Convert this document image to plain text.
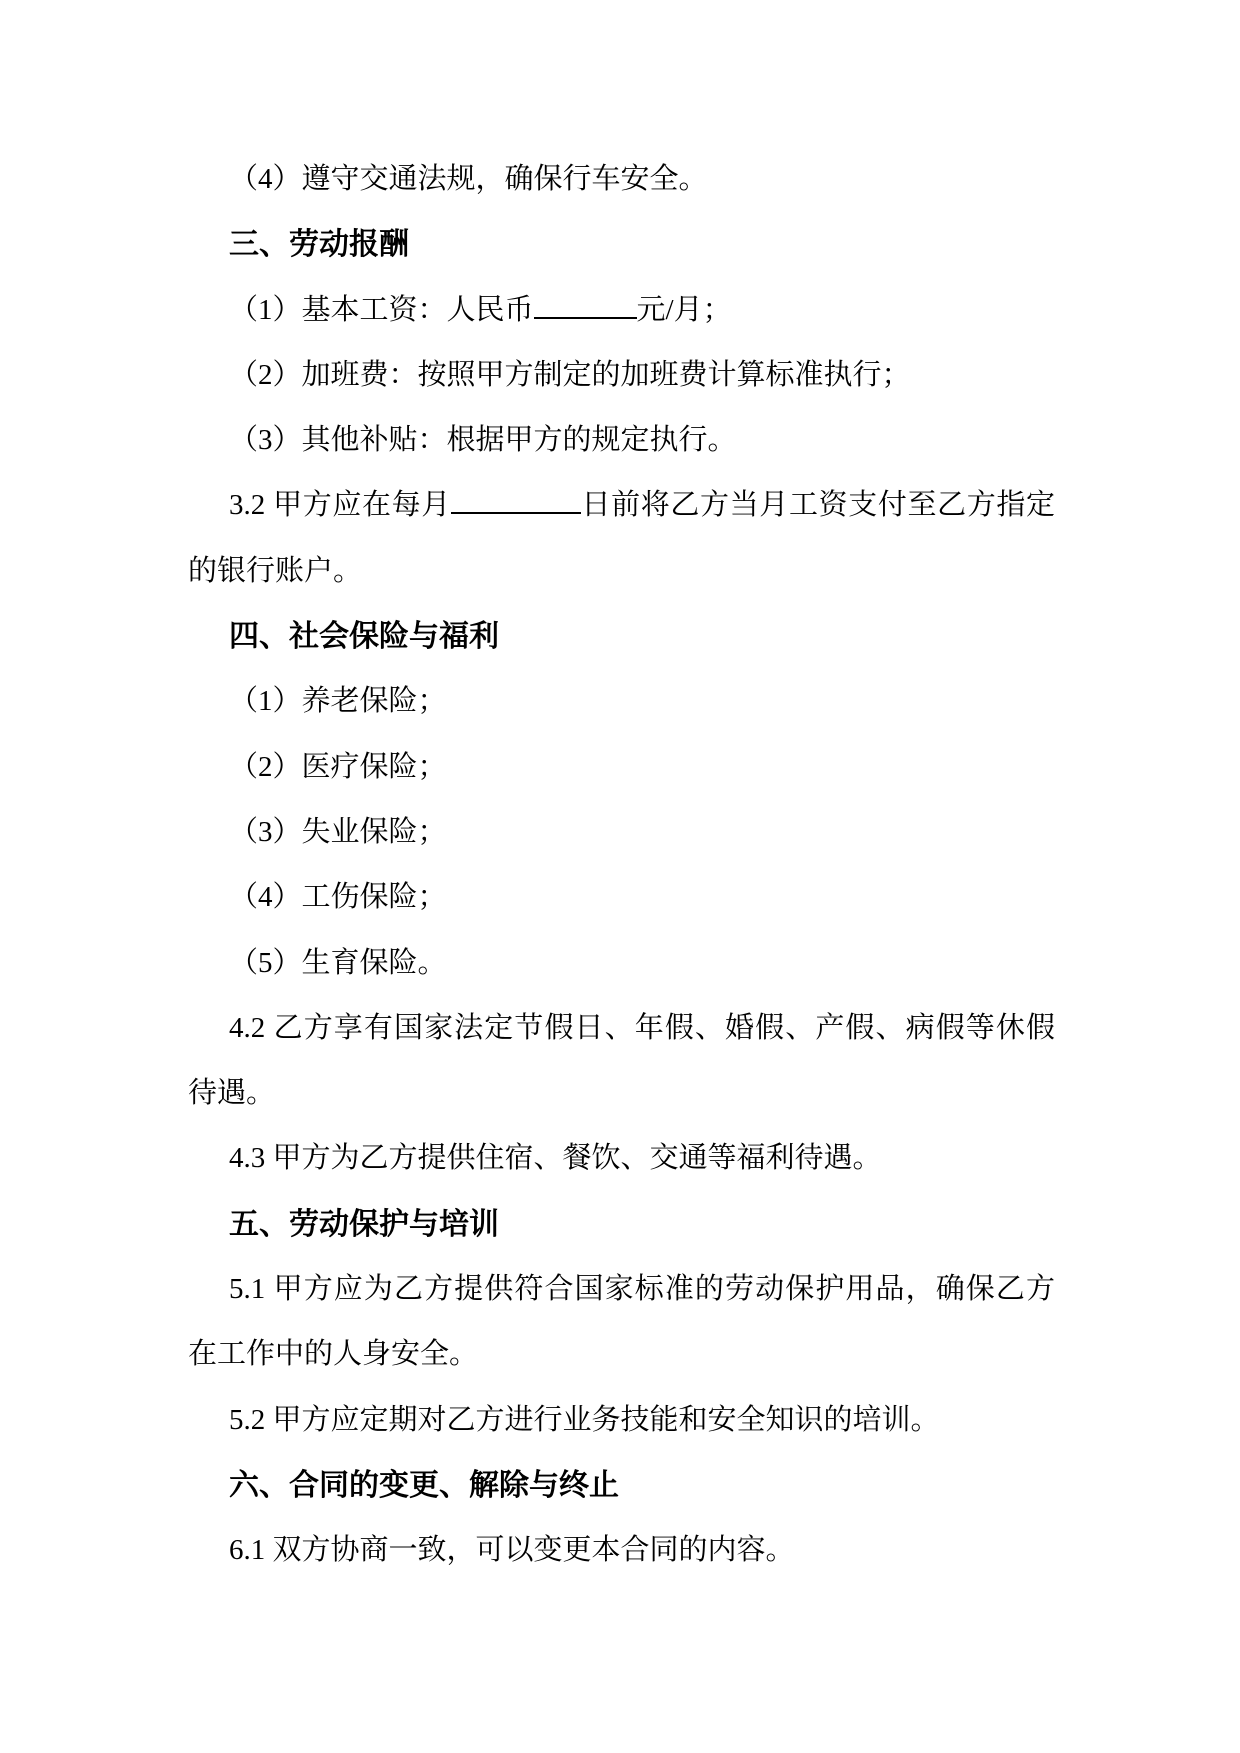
（4）遵守交通法规，确保行车安全。
三、劳动报酬
（1）基本工资：人民币	元/月；
（2）加班费：按照甲方制定的加班费计算标准执行；
（3）其他补贴：根据甲方的规定执行。
3.2 甲方应在每月	日前将乙方当月工资支付至乙方指定
的银行账户。
四、社会保险与福利
（1）养老保险；
（2）医疗保险；
（3）失业保险；
（4）工伤保险；
（5）生育保险。
4.2 乙方享有国家法定节假日、年假、婚假、产假、病假等休假
待遇。
4.3 甲方为乙方提供住宿、餐饮、交通等福利待遇。
五、劳动保护与培训
5.1 甲方应为乙方提供符合国家标准的劳动保护用品，确保乙方
在工作中的人身安全。
5.2 甲方应定期对乙方进行业务技能和安全知识的培训。
六、合同的变更、解除与终止
6.1 双方协商一致，可以变更本合同的内容。
